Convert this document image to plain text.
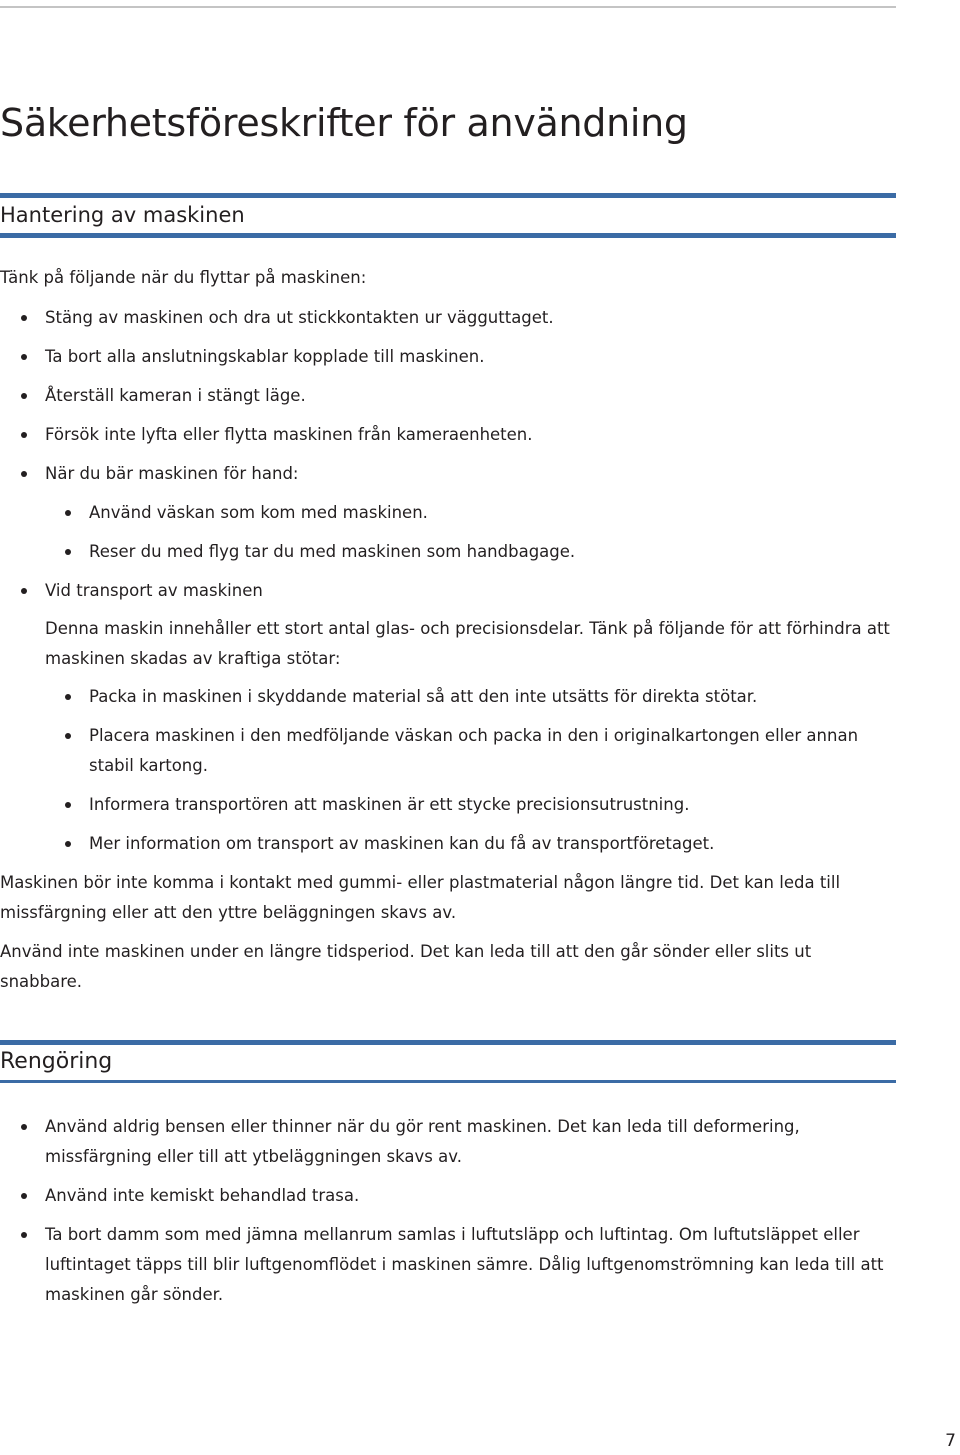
Säkerhetsföreskrifter för användning
Hantering av maskinen

Tänk på följande när du flyttar på maskinen:

Stäng av maskinen och dra ut stickkontakten ur vägguttaget.
Ta bort alla anslutningskablar kopplade till maskinen.
Återställ kameran i stängt läge.
Försök inte lyfta eller flytta maskinen från kameraenheten.
När du bär maskinen för hand:
Använd väskan som kom med maskinen.
Reser du med flyg tar du med maskinen som handbagage.
Vid transport av maskinen

Denna maskin innehåller ett stort antal glas- och precisionsdelar. Tänk på följande för att förhindra att maskinen skadas av kraftiga stötar:

Packa in maskinen i skyddande material så att den inte utsätts för direkta stötar.
Placera maskinen i den medföljande väskan och packa in den i originalkartongen eller annan stabil kartong.
Informera transportören att maskinen är ett stycke precisionsutrustning.
Mer information om transport av maskinen kan du få av transportföretaget.

Maskinen bör inte komma i kontakt med gummi- eller plastmaterial någon längre tid. Det kan leda till missfärgning eller att den yttre beläggningen skavs av.

Använd inte maskinen under en längre tidsperiod. Det kan leda till att den går sönder eller slits ut snabbare.

Rengöring
Använd aldrig bensen eller thinner när du gör rent maskinen. Det kan leda till deformering, missfärgning eller till att ytbeläggningen skavs av.
Använd inte kemiskt behandlad trasa.
Ta bort damm som med jämna mellanrum samlas i luftutsläpp och luftintag. Om luftutsläppet eller luftintaget täpps till blir luftgenomflödet i maskinen sämre. Dålig luftgenomströmning kan leda till att maskinen går sönder.
7
